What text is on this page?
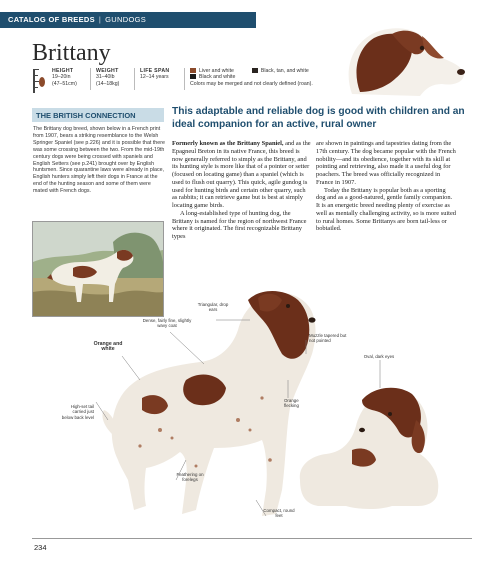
CATALOG OF BREEDS | GUNDOGS
Brittany
HEIGHT
19–20in
(47–51cm)
WEIGHT
31–40lb
(14–18kg)
LIFE SPAN
12–14 years
Liver and white	Black, tan, and white
Black and white
Colors may be merged and not clearly defined (roan).
THE BRITISH CONNECTION
The Brittany dog breed, shown below in a French print from 1907, bears a striking resemblance to the Welsh Springer Spaniel (see p.226) and it is possible that there was some crossing between the two. From the mid-19th century dogs were being crossed with spaniels and English Setters (see p.241) brought over by English huntsmen. Since quarantine laws were already in place, English hunters simply left their dogs in France at the end of the hunting season and some of them were mated with French dogs.
This adaptable and reliable dog is good with children and an ideal companion for an active, rural owner

Formerly known as the Brittany Spaniel, and as the Epagneul Breton in its native France, this breed is now generally referred to simply as the Brittany, and its hunting style is more like that of a pointer or setter (focused on locating game) than a spaniel (which is used to flush out quarry). This quick, agile gundog is used for hunting birds and certain other quarry, such as rabbits; it can retrieve game but is best at simply locating game birds.

A long-established type of hunting dog, the Brittany is named for the region of northwest France where it originated. The first recognizable Brittany types

are shown in paintings and tapestries dating from the 17th century. The dog became popular with the French nobility—and its obedience, together with its skill at pointing and retrieving, also made it a useful dog for poachers. The breed was officially recognized in France in 1907.

Today the Brittany is popular both as a sporting dog and as a good-natured, gentle family companion. It is an energetic breed needing plenty of exercise as well as mentally challenging activity, so is more suited to rural homes. Some Brittanys are born tail-less or bobtailed.

Triangular, drop ears
Dense, fairly fine, slightly wavy coat
Orange and white
Muzzle tapered but not pointed
Oval, dark eyes
Orange flecking
High-set tail carried just below back level
Feathering on forelegs
Compact, round feet
234
